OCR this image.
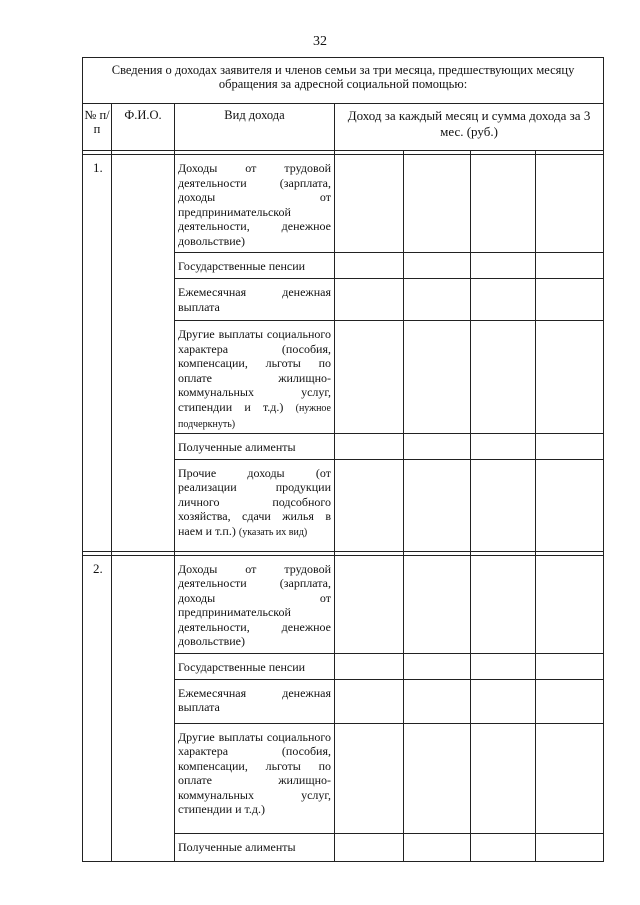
32
Сведения о доходах заявителя и членов семьи за три месяца, предшествующих месяцу обращения за адресной социальной помощью:						
№ п/п	Ф.И.О.	Вид дохода	Доход за каждый месяц и сумма дохода за 3 мес. (руб.)			

1.		Доходы от трудовой деятельности (зарплата, доходы от предпринимательской деятельности, денежное довольствие)				
		Государственные пенсии				
		Ежемесячная денежная выплата				
		Другие выплаты социального характера (пособия, компенсации, льготы по оплате жилищно-коммунальных услуг, стипендии и т.д.) (нужное подчеркнуть)				
		Полученные алименты				
		Прочие доходы (от реализации продукции личного подсобного хозяйства, сдачи жилья в наем и т.п.) (указать их вид)				

2.		Доходы от трудовой деятельности (зарплата, доходы от предпринимательской деятельности, денежное довольствие)				
		Государственные пенсии				
		Ежемесячная денежная выплата				
		Другие выплаты социального характера (пособия, компенсации, льготы по оплате жилищно-коммунальных услуг, стипендии и т.д.)				
		Полученные алименты				
